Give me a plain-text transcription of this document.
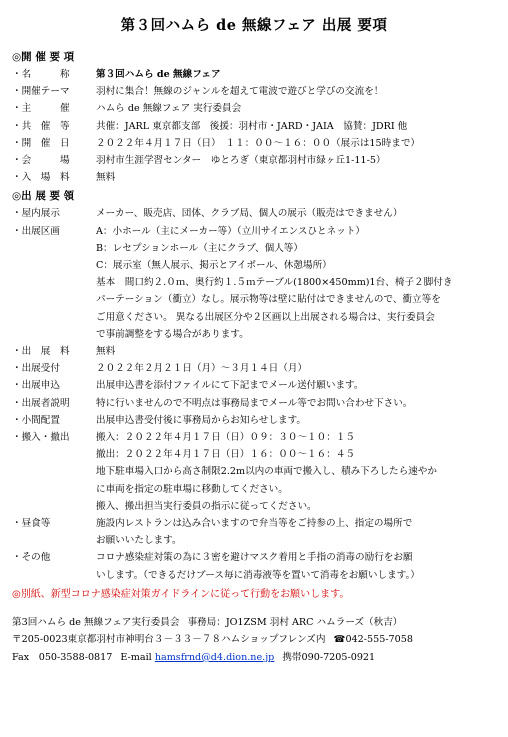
第３回ハムら de 無線フェア 出展 要項
◎開 催 要 項
・名　　　称	第３回ハムら de 無線フェア
・開催テーマ	羽村に集合！無線のジャンルを超えて電波で遊びと学びの交流を！
・主　　　催	ハムら de 無線フェア 実行委員会
・共　催　等	共催：JARL 東京都支部　後援：羽村市・JARD・JAIA　協賛：JDRI 他
・開　催　日	２０２２年４月１７日（日）　１１：００～１６：００（展示は15時まで）
・会　　　場	羽村市生涯学習センター　ゆとろぎ（東京都羽村市緑ヶ丘1-11-5）
・入　場　料	無料
◎出 展 要 領
・屋内展示	メーカー、販売店、団体、クラブ局、個人の展示（販売はできません）
・出展区画	A：小ホール（主にメーカー等）（立川サイエンスひとネット）
B：レセプションホール（主にクラブ、個人等）
C：展示室（無人展示、掲示とアイボール、休憩場所）
基本　間口約２.０ｍ、奥行約１.５ｍテーブル(1800×450mm)1台、椅子２脚付き
パーテーション（衝立）なし。展示物等は壁に貼付はできませんので、衝立等を
ご用意ください。 異なる出展区分や２区画以上出展される場合は、実行委員会
で事前調整をする場合があります。
・出　展　料	無料
・出展受付	２０２２年２月２１日（月）～３月１４日（月）
・出展申込	出展申込書を添付ファイルにて下記までメール送付願います。
・出展者説明	特に行いませんので不明点は事務局までメール等でお問い合わせ下さい。
・小間配置	出展申込書受付後に事務局からお知らせします。
・搬入・撤出	搬入：２０２２年４月１７日（日）０９：３０～１０：１５
撤出：２０２２年４月１７日（日）１６：００～１６：４５
地下駐車場入口から高さ制限2.2m以内の車両で搬入し、積み下ろしたら速やか
に車両を指定の駐車場に移動してください。
搬入、搬出担当実行委員の指示に従ってください。
・昼食等	施設内レストランは込み合いますので弁当等をご持参の上、指定の場所で
お願いいたします。
・その他	コロナ感染症対策の為に３密を避けマスク着用と手指の消毒の励行をお願
いします。（できるだけブース毎に消毒液等を置いて消毒をお願いします。）
◎別紙、新型コロナ感染症対策ガイドラインに従って行動をお願いします。
第3回ハムら de 無線フェア実行委員会 事務局：JO1ZSM 羽村 ARC ハムラーズ（秋吉）
〒205-0023東京都羽村市神明台３－３３－７８ハムショップフレンズ内 ☎042-555-7058
Fax　050-3588-0817 E-mail hamsfrnd@d4.dion.ne.jp 携帯090-7205-0921
